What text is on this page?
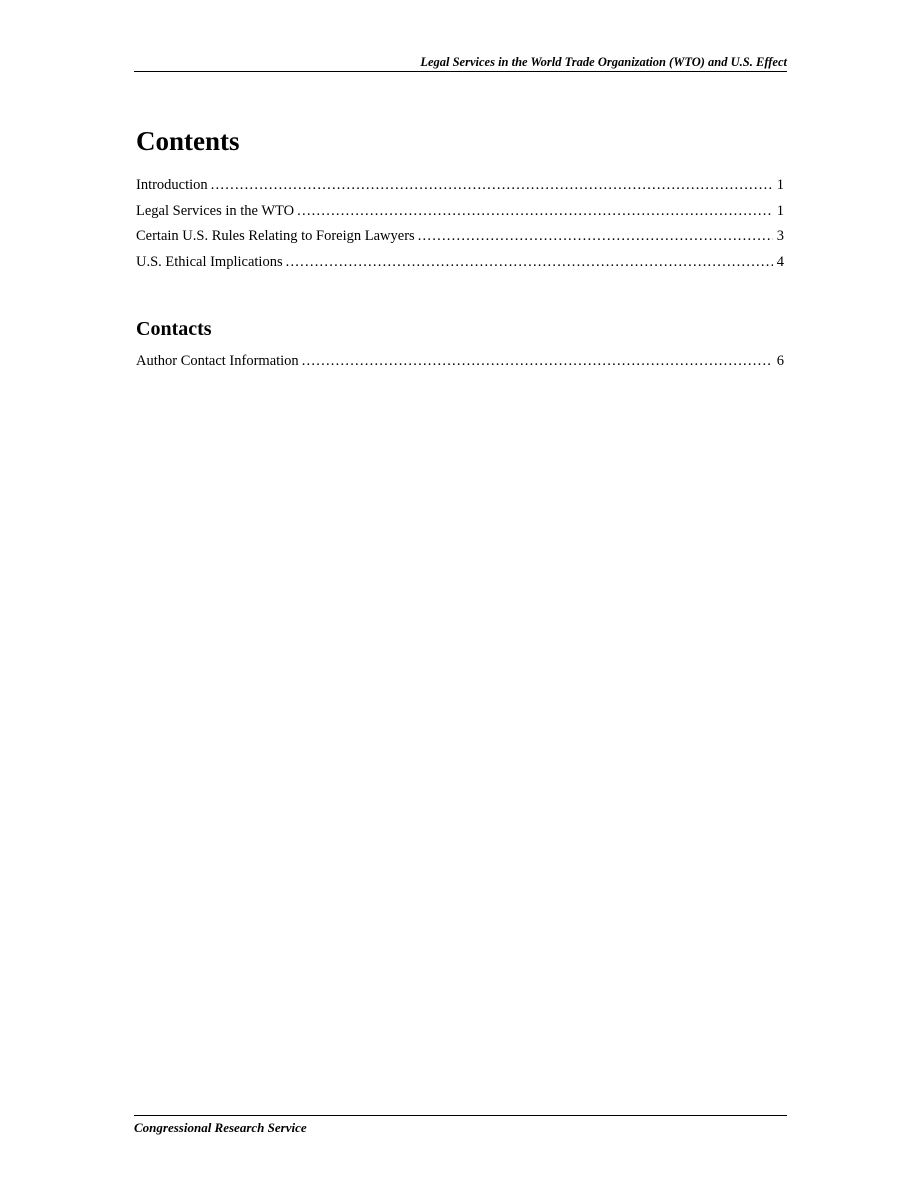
Legal Services in the World Trade Organization (WTO) and U.S. Effect
Contents
Introduction . . .	1
Legal Services in the WTO . . .	1
Certain U.S. Rules Relating to Foreign Lawyers . . .	3
U.S. Ethical Implications . . .	4
Contacts
Author Contact Information . . .	6
Congressional Research Service
